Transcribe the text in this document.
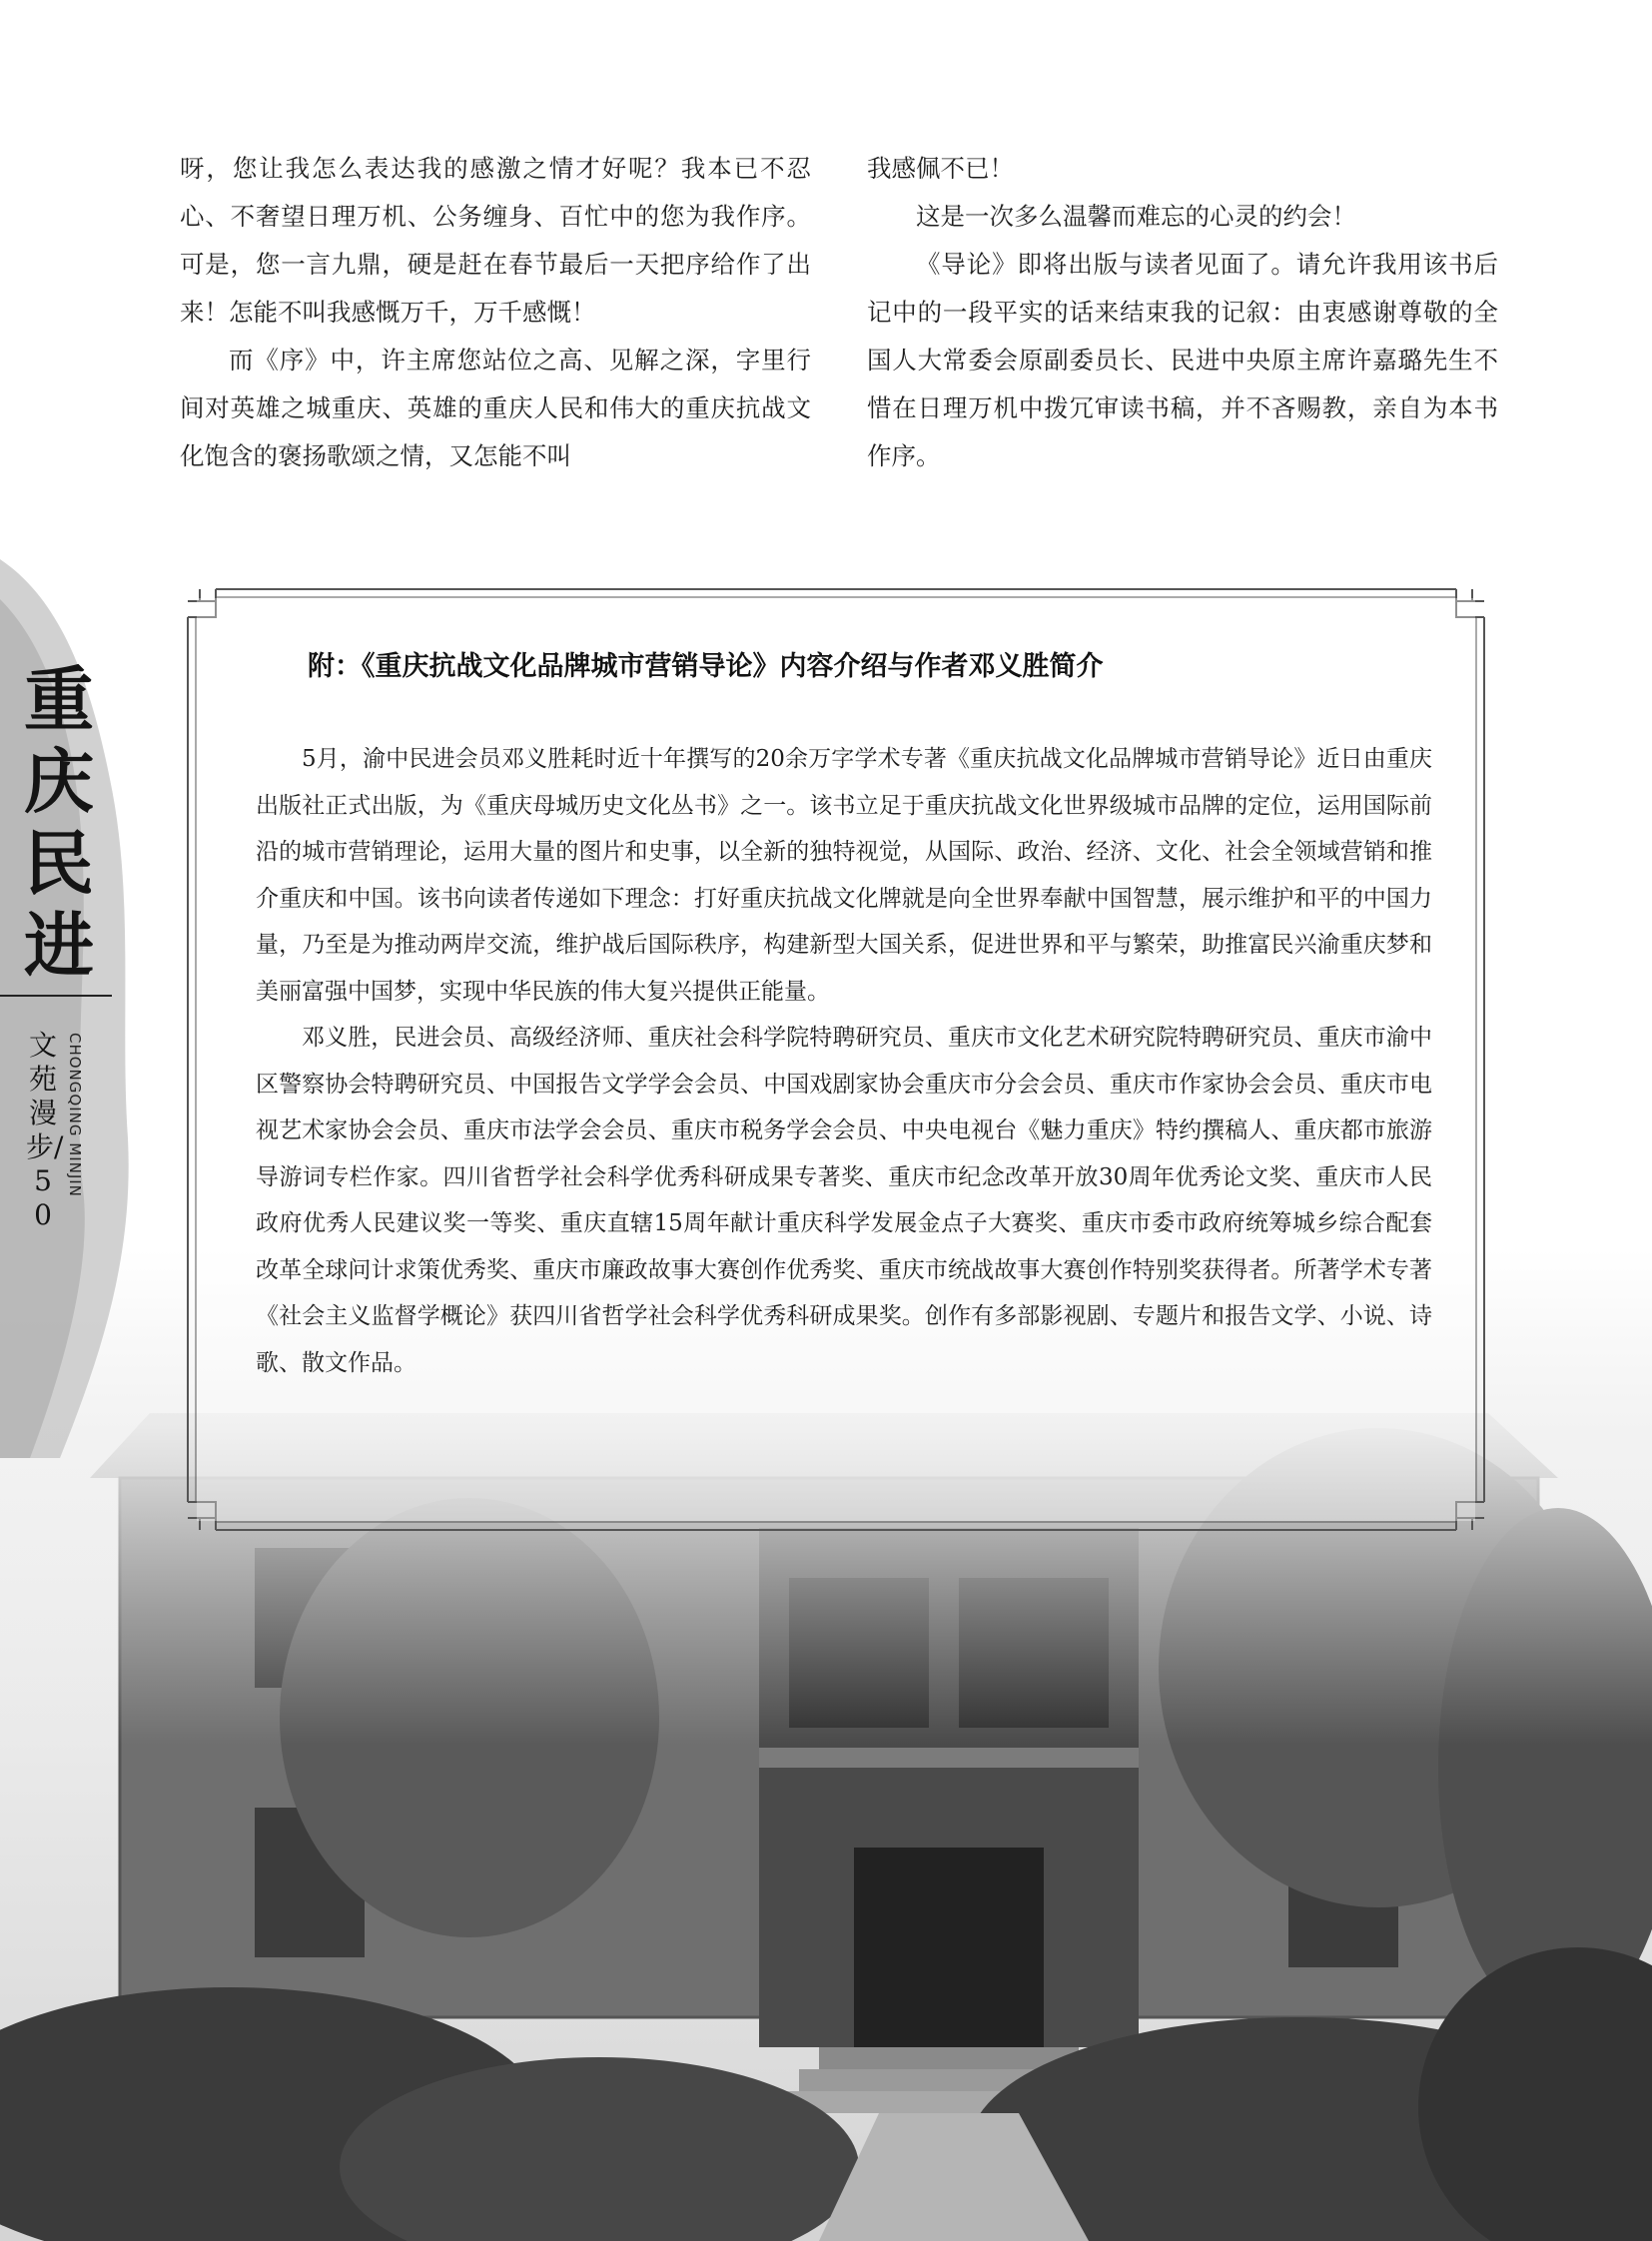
重庆民进
文苑漫步/50
CHONGQING MINJIN

呀，您让我怎么表达我的感激之情才好呢？我本已不忍心、不奢望日理万机、公务缠身、百忙中的您为我作序。可是，您一言九鼎，硬是赶在春节最后一天把序给作了出来！怎能不叫我感慨万千，万千感慨！

而《序》中，许主席您站位之高、见解之深，字里行间对英雄之城重庆、英雄的重庆人民和伟大的重庆抗战文化饱含的褒扬歌颂之情，又怎能不叫

我感佩不已！

这是一次多么温馨而难忘的心灵的约会！

《导论》即将出版与读者见面了。请允许我用该书后记中的一段平实的话来结束我的记叙：由衷感谢尊敬的全国人大常委会原副委员长、民进中央原主席许嘉璐先生不惜在日理万机中拨冗审读书稿，并不吝赐教，亲自为本书作序。

附：《重庆抗战文化品牌城市营销导论》内容介绍与作者邓义胜简介

5月，渝中民进会员邓义胜耗时近十年撰写的20余万字学术专著《重庆抗战文化品牌城市营销导论》近日由重庆出版社正式出版，为《重庆母城历史文化丛书》之一。该书立足于重庆抗战文化世界级城市品牌的定位，运用国际前沿的城市营销理论，运用大量的图片和史事，以全新的独特视觉，从国际、政治、经济、文化、社会全领域营销和推介重庆和中国。该书向读者传递如下理念：打好重庆抗战文化牌就是向全世界奉献中国智慧，展示维护和平的中国力量，乃至是为推动两岸交流，维护战后国际秩序，构建新型大国关系，促进世界和平与繁荣，助推富民兴渝重庆梦和美丽富强中国梦，实现中华民族的伟大复兴提供正能量。

邓义胜，民进会员、高级经济师、重庆社会科学院特聘研究员、重庆市文化艺术研究院特聘研究员、重庆市渝中区警察协会特聘研究员、中国报告文学学会会员、中国戏剧家协会重庆市分会会员、重庆市作家协会会员、重庆市电视艺术家协会会员、重庆市法学会会员、重庆市税务学会会员、中央电视台《魅力重庆》特约撰稿人、重庆都市旅游导游词专栏作家。四川省哲学社会科学优秀科研成果专著奖、重庆市纪念改革开放30周年优秀论文奖、重庆市人民政府优秀人民建议奖一等奖、重庆直辖15周年献计重庆科学发展金点子大赛奖、重庆市委市政府统筹城乡综合配套改革全球问计求策优秀奖、重庆市廉政故事大赛创作优秀奖、重庆市统战故事大赛创作特别奖获得者。所著学术专著《社会主义监督学概论》获四川省哲学社会科学优秀科研成果奖。创作有多部影视剧、专题片和报告文学、小说、诗歌、散文作品。
